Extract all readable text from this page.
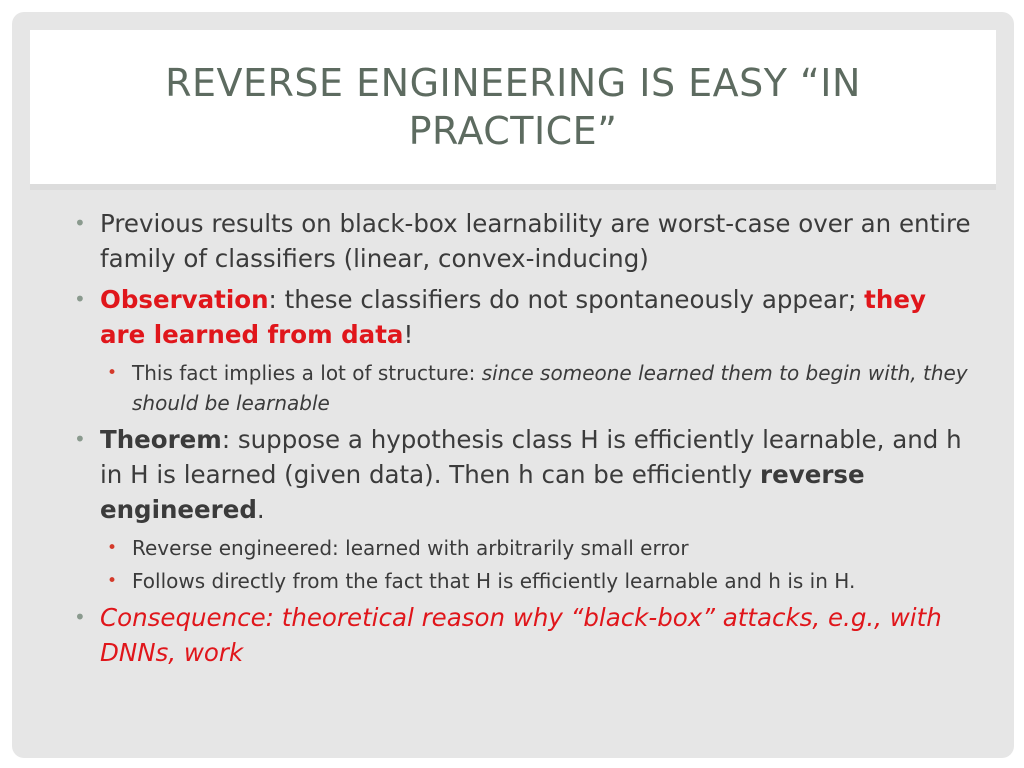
REVERSE ENGINEERING IS EASY “IN
PRACTICE”
• Previous results on black-box learnability are worst-case over an entire family of classifiers (linear, convex-inducing)
• Observation: these classifiers do not spontaneously appear; they are learned from data!
• This fact implies a lot of structure: since someone learned them to begin with, they should be learnable
• Theorem: suppose a hypothesis class H is efficiently learnable, and h in H is learned (given data). Then h can be efficiently reverse engineered.
• Reverse engineered: learned with arbitrarily small error
• Follows directly from the fact that H is efficiently learnable and h is in H.
• Consequence: theoretical reason why “black-box” attacks, e.g., with DNNs, work
